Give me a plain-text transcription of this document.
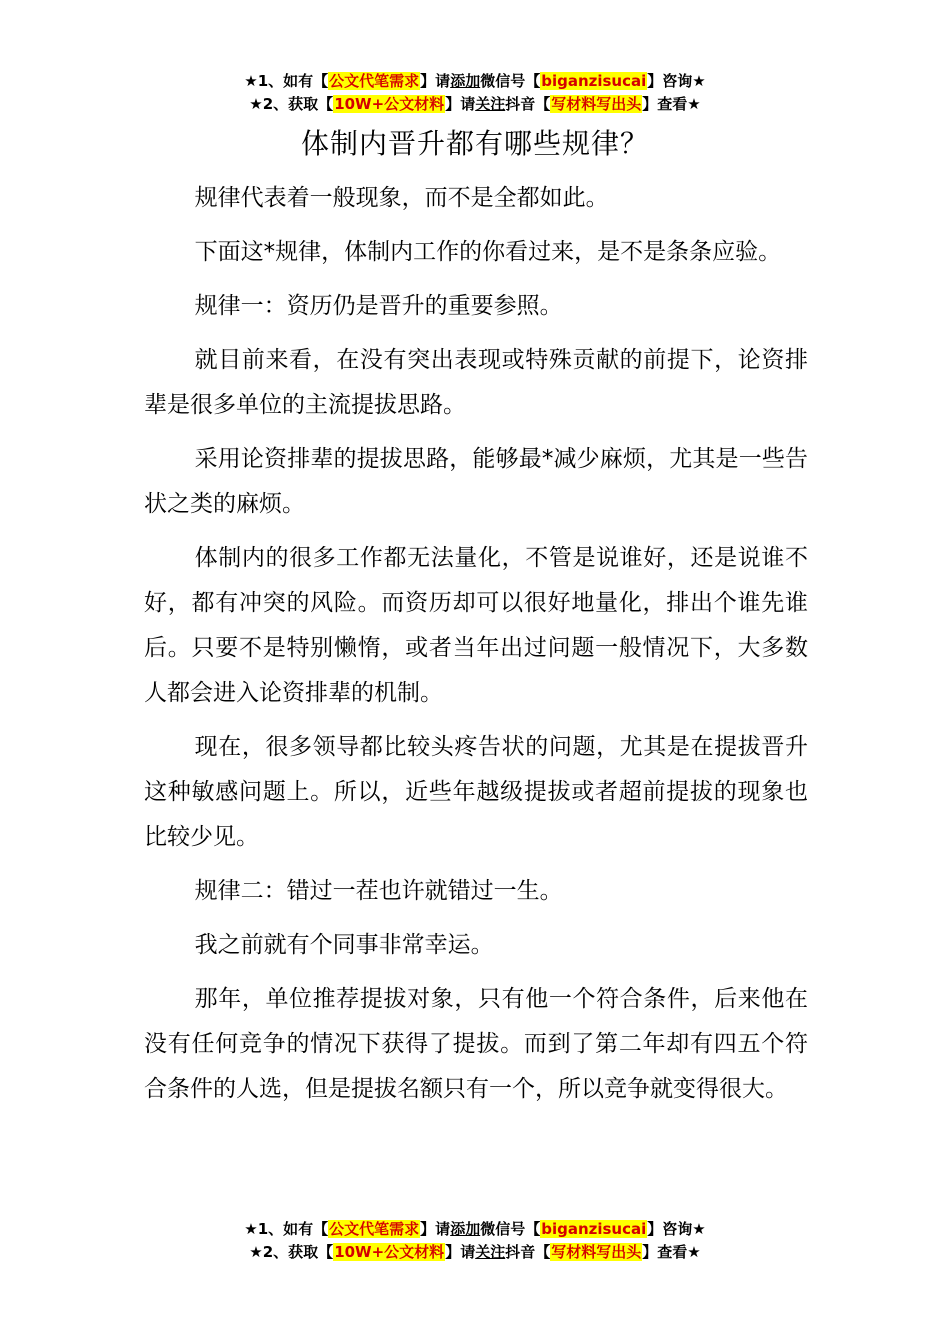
★1、如有【公文代笔需求】请添加微信号【biganzisucai】咨询★
★2、获取【10W+公文材料】请关注抖音【写材料写出头】查看★
体制内晋升都有哪些规律？

规律代表着一般现象，而不是全都如此。

下面这*规律，体制内工作的你看过来，是不是条条应验。

规律一：资历仍是晋升的重要参照。

就目前来看，在没有突出表现或特殊贡献的前提下，论资排辈是很多单位的主流提拔思路。

采用论资排辈的提拔思路，能够最*减少麻烦，尤其是一些告状之类的麻烦。

体制内的很多工作都无法量化，不管是说谁好，还是说谁不好，都有冲突的风险。而资历却可以很好地量化，排出个谁先谁后。只要不是特别懒惰，或者当年出过问题一般情况下，大多数人都会进入论资排辈的机制。

现在，很多领导都比较头疼告状的问题，尤其是在提拔晋升这种敏感问题上。所以，近些年越级提拔或者超前提拔的现象也比较少见。

规律二：错过一茬也许就错过一生。

我之前就有个同事非常幸运。

那年，单位推荐提拔对象，只有他一个符合条件，后来他在没有任何竞争的情况下获得了提拔。而到了第二年却有四五个符合条件的人选，但是提拔名额只有一个，所以竞争就变得很大。

★1、如有【公文代笔需求】请添加微信号【biganzisucai】咨询★
★2、获取【10W+公文材料】请关注抖音【写材料写出头】查看★
